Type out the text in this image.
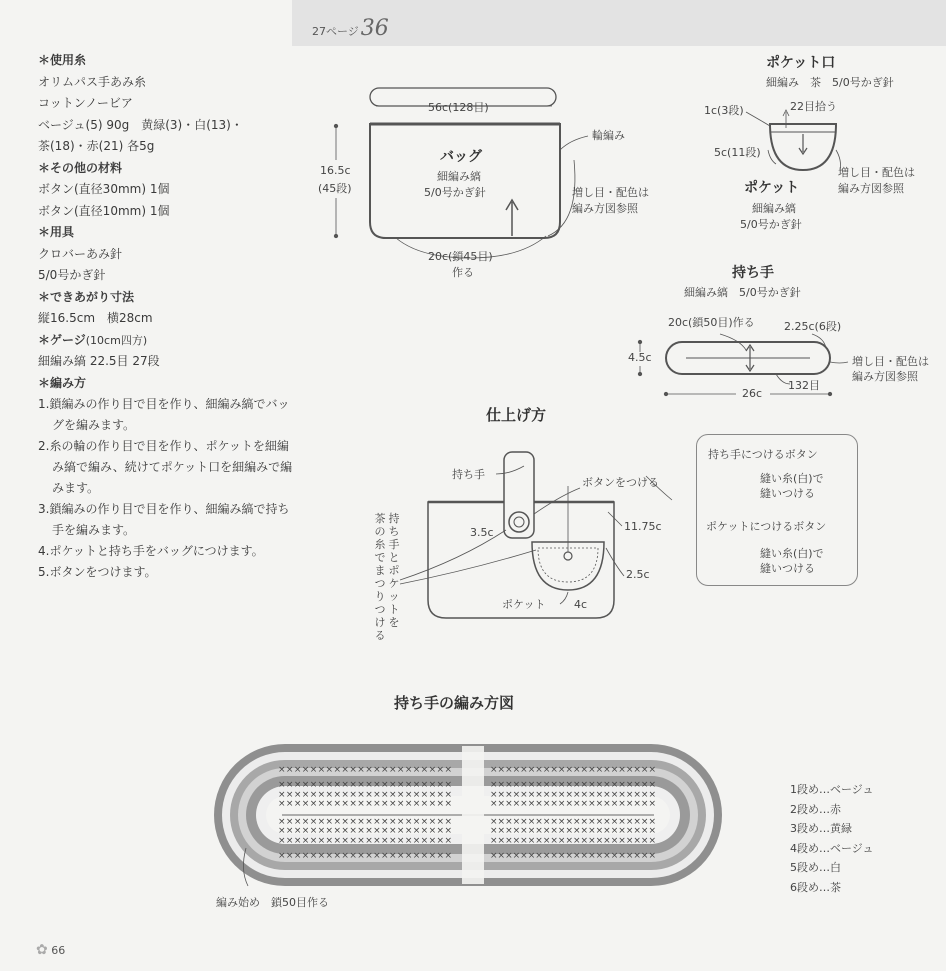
27ページ36
＊使用糸
オリムパス手あみ糸
コットンノービア
ベージュ(5) 90g　黄緑(3)・白(13)・
茶(18)・赤(21) 各5g
＊その他の材料
ボタン(直径30mm) 1個
ボタン(直径10mm) 1個
＊用具
クロバーあみ針
5/0号かぎ針
＊できあがり寸法
縦16.5cm　横28cm
＊ゲージ(10cm四方)
細編み縞 22.5目 27段
＊編み方
1.鎖編みの作り目で目を作り、細編み縞でバッグを編みます。
2.糸の輪の作り目で目を作り、ポケットを細編み縞で編み、続けてポケット口を細編みで編みます。
3.鎖編みの作り目で目を作り、細編み縞で持ち手を編みます。
4.ポケットと持ち手をバッグにつけます。
5.ボタンをつけます。
××××××××××××××××××××××	××××××××××××××××××××××
××××××××××××××××××××××	××××××××××××××××××××××
××××××××××××××××××××××	××××××××××××××××××××××
××××××××××××××××××××××	××××××××××××××××××××××
××××××××××××××××××××××	××××××××××××××××××××××
××××××××××××××××××××××	××××××××××××××××××××××
××××××××××××××××××××××	××××××××××××××××××××××
××××××××××××××××××××××	××××××××××××××××××××××
56c(128目)
16.5c
(45段)
輪編み
バッグ
細編み縞
5/0号かぎ針	増し目・配色は
編み方図参照
20c(鎖45目)
作る
ポケット口
細編み　茶　5/0号かぎ針
1c(3段)	22目拾う
5c(11段)
増し目・配色は
編み方図参照
ポケット
細編み縞
5/0号かぎ針
持ち手
細編み縞　5/0号かぎ針
20c(鎖50目)作る	2.25c(6段)
4.5c	増し目・配色は
編み方図参照
132目
26c
仕上げ方
持ち手
ボタンをつける
3.5c	11.75c
2.5c
ポケット	4c
茶
の
糸
で
ま
つ
り
つ
け
る
持
ち
手
と
ポ
ケ
ッ
ト
を
持ち手につけるボタン
縫い糸(白)で
縫いつける
ポケットにつけるボタン
縫い糸(白)で
縫いつける
持ち手の編み方図
編み始め　鎖50目作る
1段め…ベージュ
2段め…赤
3段め…黄緑
4段め…ベージュ
5段め…白
6段め…茶
✿ 66
